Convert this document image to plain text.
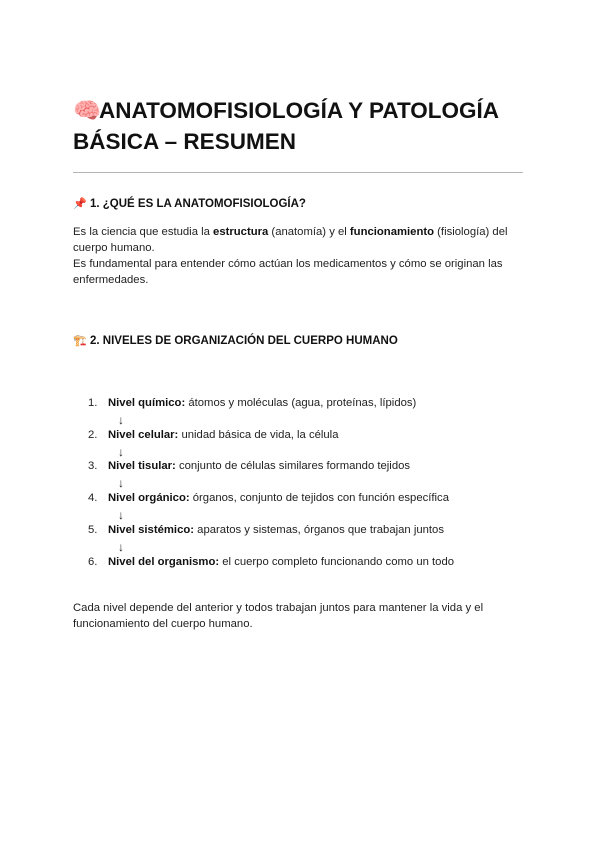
🧠ANATOMOFISIOLOGÍA Y PATOLOGÍA
BÁSICA – RESUMEN
📌 1. ¿QUÉ ES LA ANATOMOFISIOLOGÍA?

Es la ciencia que estudia la estructura (anatomía) y el funcionamiento (fisiología) del cuerpo humano.

Es fundamental para entender cómo actúan los medicamentos y cómo se originan las enfermedades.

🏗️ 2. NIVELES DE ORGANIZACIÓN DEL CUERPO HUMANO
1. Nivel químico: átomos y moléculas (agua, proteínas, lípidos)
↓
2. Nivel celular: unidad básica de vida, la célula
↓
3. Nivel tisular: conjunto de células similares formando tejidos
↓
4. Nivel orgánico: órganos, conjunto de tejidos con función específica
↓
5. Nivel sistémico: aparatos y sistemas, órganos que trabajan juntos
↓
6. Nivel del organismo: el cuerpo completo funcionando como un todo

Cada nivel depende del anterior y todos trabajan juntos para mantener la vida y el funcionamiento del cuerpo humano.
